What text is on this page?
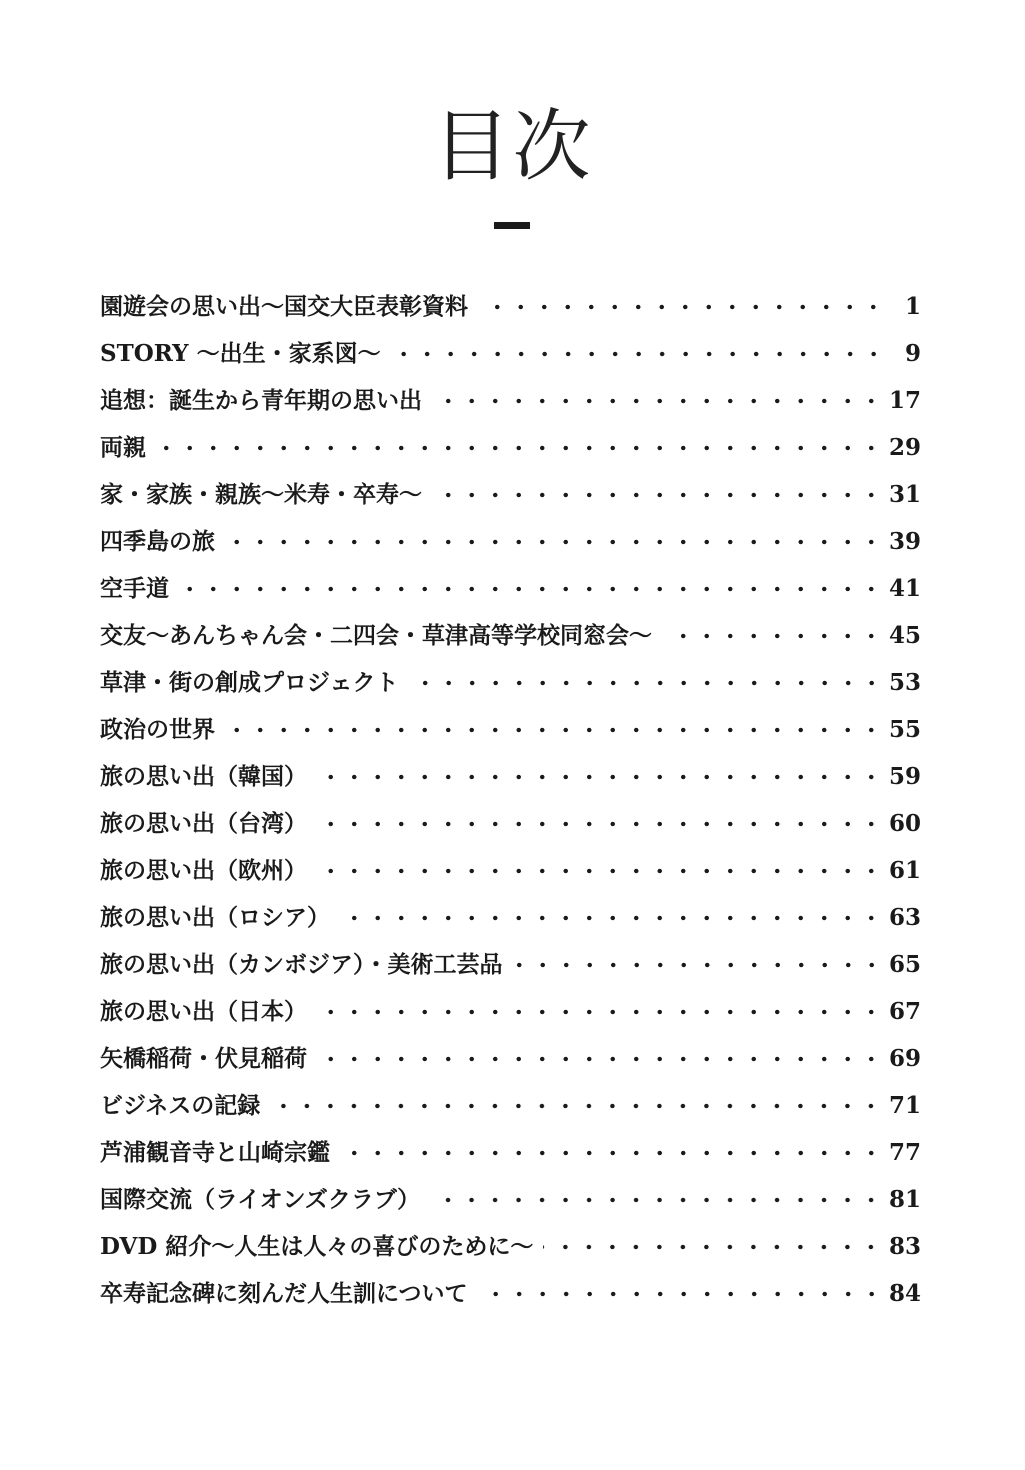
目次
園遊会の思い出〜国交大臣表彰資料	1
STORY 〜出生・家系図〜	9
追想：誕生から青年期の思い出	17
両親	29
家・家族・親族〜米寿・卒寿〜	31
四季島の旅	39
空手道	41
交友〜あんちゃん会・二四会・草津高等学校同窓会〜	45
草津・街の創成プロジェクト	53
政治の世界	55
旅の思い出（韓国）	59
旅の思い出（台湾）	60
旅の思い出（欧州）	61
旅の思い出（ロシア）	63
旅の思い出（カンボジア）・美術工芸品	65
旅の思い出（日本）	67
矢橋稲荷・伏見稲荷	69
ビジネスの記録	71
芦浦観音寺と山崎宗鑑	77
国際交流（ライオンズクラブ）	81
DVD 紹介〜人生は人々の喜びのために〜	83
卒寿記念碑に刻んだ人生訓について	84
